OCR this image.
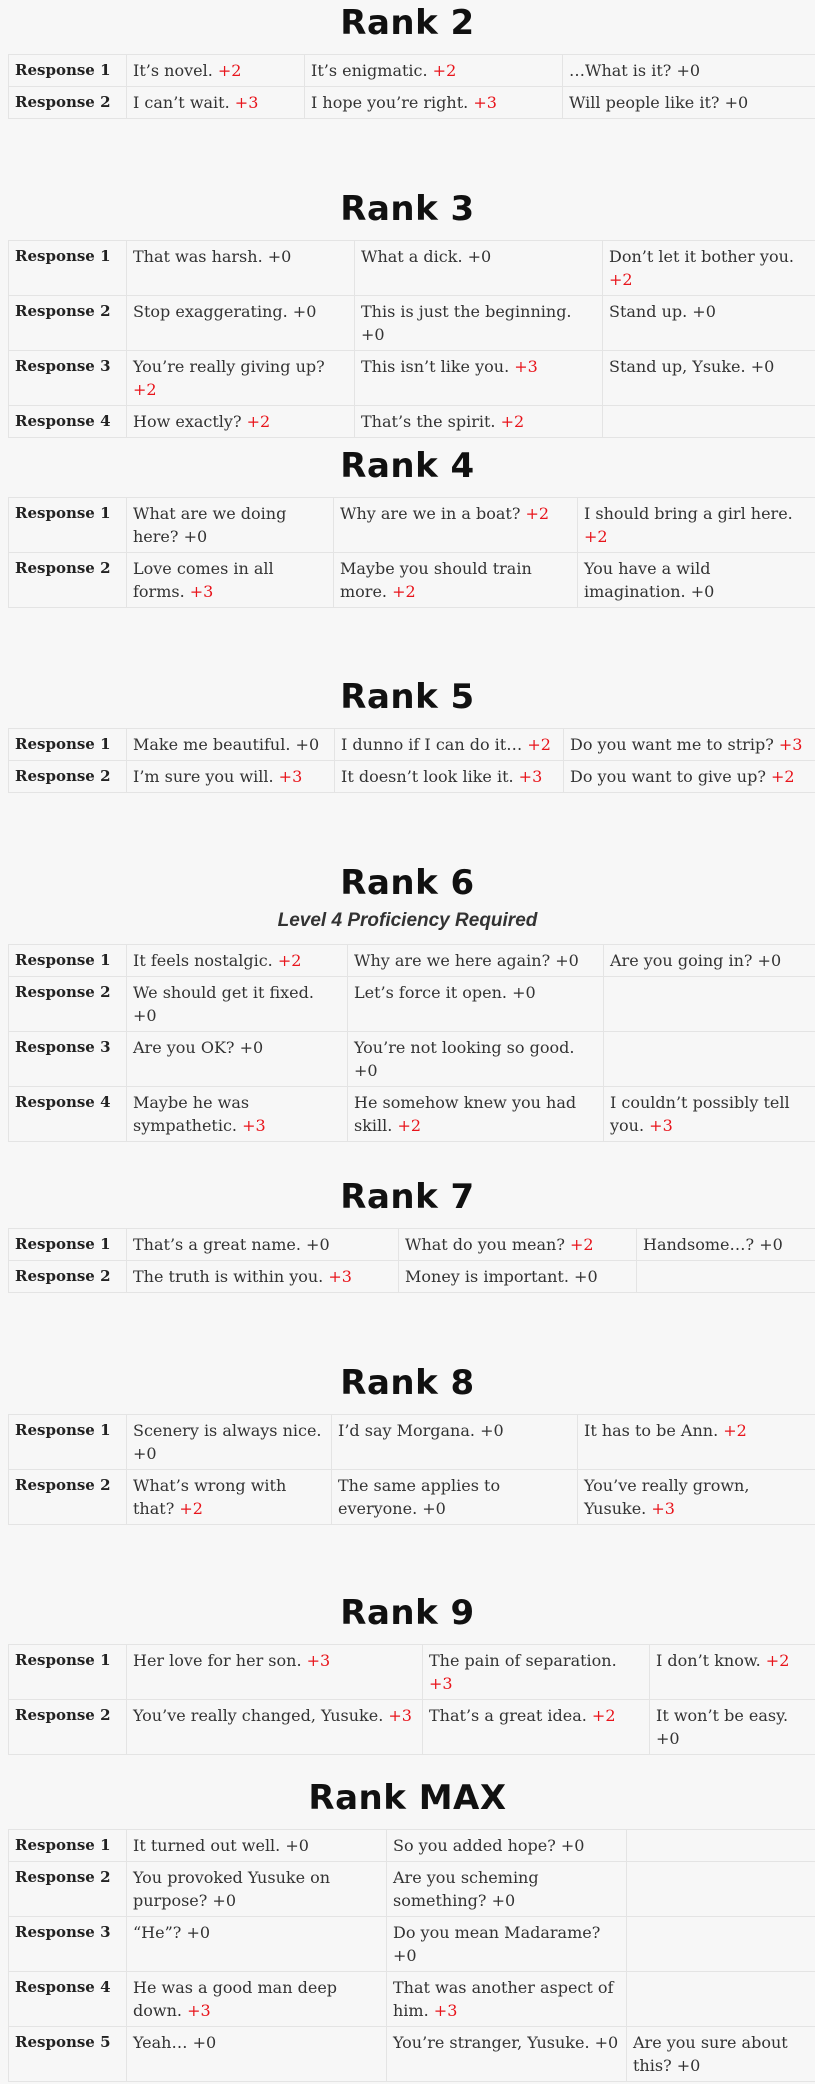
Rank 2
Response 1	It’s novel. +2	It’s enigmatic. +2	…What is it? +0
Response 2	I can’t wait. +3	I hope you’re right. +3	Will people like it? +0
Rank 3
Response 1	That was harsh. +0	What a dick. +0	Don’t let it bother you. +2
Response 2	Stop exaggerating. +0	This is just the beginning. +0	Stand up. +0
Response 3	You’re really giving up? +2	This isn’t like you. +3	Stand up, Ysuke. +0
Response 4	How exactly? +2	That’s the spirit. +2	
Rank 4
Response 1	What are we doing here? +0	Why are we in a boat? +2	I should bring a girl here. +2
Response 2	Love comes in all forms. +3	Maybe you should train more. +2	You have a wild imagination. +0
Rank 5
Response 1	Make me beautiful. +0	I dunno if I can do it… +2	Do you want me to strip? +3
Response 2	I’m sure you will. +3	It doesn’t look like it. +3	Do you want to give up? +2
Rank 6
Level 4 Proficiency Required
Response 1	It feels nostalgic. +2	Why are we here again? +0	Are you going in? +0
Response 2	We should get it fixed. +0	Let’s force it open. +0	
Response 3	Are you OK? +0	You’re not looking so good. +0	
Response 4	Maybe he was sympathetic. +3	He somehow knew you had skill. +2	I couldn’t possibly tell you. +3
Rank 7
Response 1	That’s a great name. +0	What do you mean? +2	Handsome…? +0
Response 2	The truth is within you. +3	Money is important. +0	
Rank 8
Response 1	Scenery is always nice. +0	I’d say Morgana. +0	It has to be Ann. +2
Response 2	What’s wrong with that? +2	The same applies to everyone. +0	You’ve really grown, Yusuke. +3
Rank 9
Response 1	Her love for her son. +3	The pain of separation. +3	I don’t know. +2
Response 2	You’ve really changed, Yusuke. +3	That’s a great idea. +2	It won’t be easy. +0
Rank MAX
Response 1	It turned out well. +0	So you added hope? +0	
Response 2	You provoked Yusuke on purpose? +0	Are you scheming something? +0	
Response 3	“He”? +0	Do you mean Madarame? +0	
Response 4	He was a good man deep down. +3	That was another aspect of him. +3	
Response 5	Yeah… +0	You’re stranger, Yusuke. +0	Are you sure about this? +0
